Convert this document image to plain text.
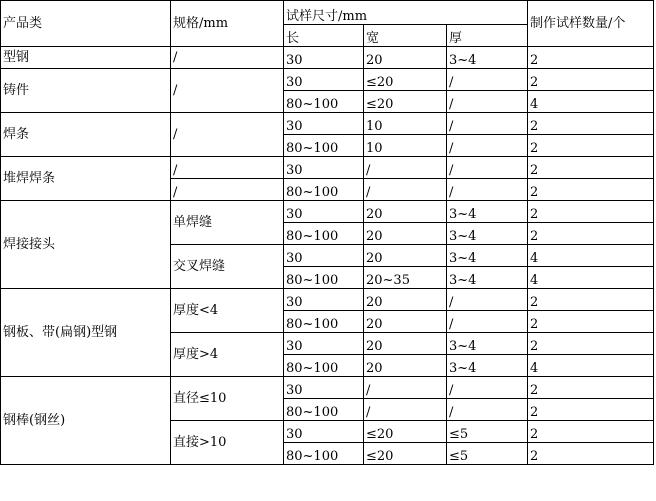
产品类	规格/mm	试样尺寸/mm			制作试样数量/个
		长	宽	厚	
型钢	/	30	20	3~4	2
铸件	/	30	≤20	/	2
		80~100	≤20	/	4
焊条	/	30	10	/	2
		80~100	10	/	2
堆焊焊条	/	30	/	/	2
	/	80~100	/	/	2
焊接接头	单焊缝	30	20	3~4	2
		80~100	20	3~4	2
	交叉焊缝	30	20	3~4	4
		80~100	20~35	3~4	4
钢板、带(扁钢)型钢	厚度<4	30	20	/	2
		80~100	20	/	2
	厚度>4	30	20	3~4	2
		80~100	20	3~4	4
钢棒(钢丝)	直径≤10	30	/	/	2
		80~100	/	/	2
	直接>10	30	≤20	≤5	2
		80~100	≤20	≤5	2
